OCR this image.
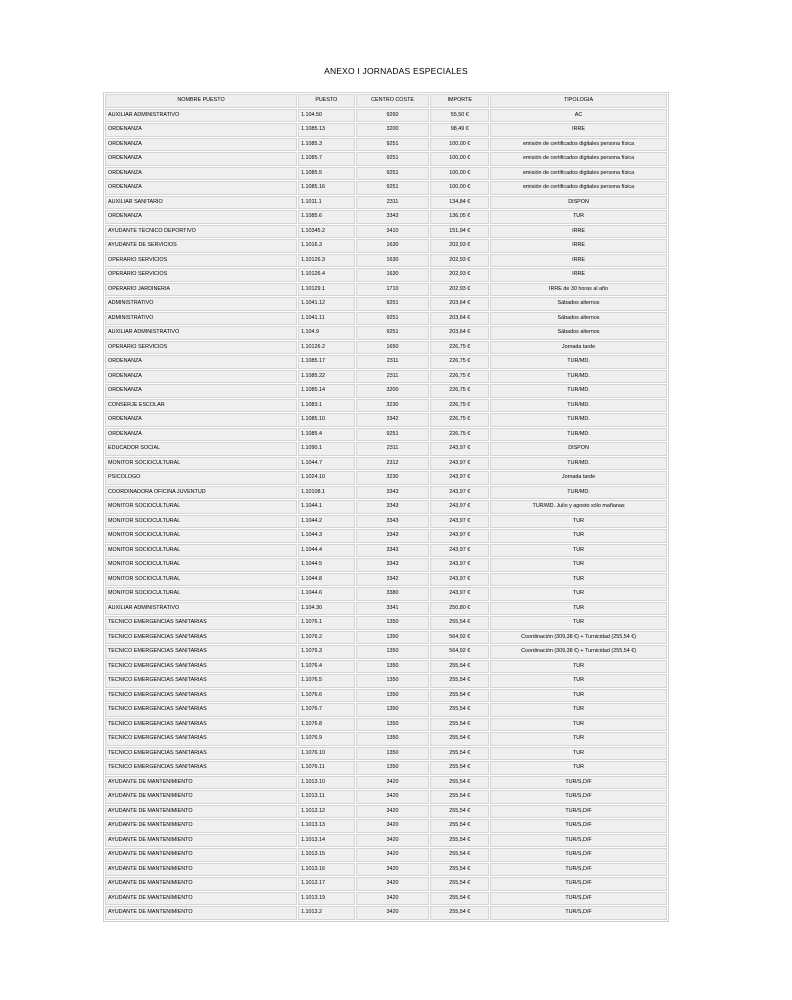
ANEXO I JORNADAS ESPECIALES
NOMBRE PUESTO	PUESTO	CENTRO COSTE	IMPORTE	TIPOLOGIA
AUXILIAR ADMINISTRATIVO	1.104.50	9260	55,50 €	AC
ORDENANZA	1.1085.13	3200	98,49 €	IRRE
ORDENANZA	1.1085.3	9251	100,00 €	emisión de certificados digitales persona física
ORDENANZA	1.1085.7	9251	100,00 €	emisión de certificados digitales persona física
ORDENANZA	1.1085.5	9251	100,00 €	emisión de certificados digitales persona física
ORDENANZA	1.1085.16	9251	100,00 €	emisión de certificados digitales persona física
AUXILIAR SANITARIO	1.1011.1	2311	134,84 €	DISPON
ORDENANZA	1.1085.6	3343	136,05 €	TUR
AYUDANTE TECNICO DEPORTIVO	1.10345.2	3410	151,94 €	IRRE
AYUDANTE DE SERVICIOS	1.1016.3	1630	202,93 €	IRRE
OPERARIO SERVICIOS	1.10126.3	1630	202,93 €	IRRE
OPERARIO SERVICIOS	1.10126.4	1630	202,93 €	IRRE
OPERARIO JARDINERIA	1.10129.1	1710	202,93 €	IRRE de 30 horas al año
ADMINISTRATIVO	1.1041.12	9251	203,64 €	Sábados alternos
ADMINISTRATIVO	1.1041.11	9251	203,64 €	Sábados alternos
AUXILIAR ADMINISTRATIVO	1.104.9	9251	203,64 €	Sábados alternos
OPERARIO SERVICIOS	1.10126.2	1650	226,75 €	Jornada tarde
ORDENANZA	1.1085.17	2311	226,75 €	TUR/MD.
ORDENANZA	1.1085.22	2311	226,75 €	TUR/MD.
ORDENANZA	1.1085.14	3200	226,75 €	TUR/MD.
CONSERJE ESCOLAR	1.1083.1	3230	226,75 €	TUR/MD.
ORDENANZA	1.1085.10	3342	226,75 €	TUR/MD.
ORDENANZA	1.1085.4	9251	226,75 €	TUR/MD.
EDUCADOR SOCIAL	1.1090.1	2311	243,97 €	DISPON
MONITOR SOCIOCULTURAL	1.1044.7	2312	243,97 €	TUR/MD.
PSICOLOGO	1.1024.10	3230	243,97 €	Jornada tarde
COORDINADORA OFICINA JUVENTUD	1.10108.1	3343	243,97 €	TUR/MD.
MONITOR SOCIOCULTURAL	1.1044.1	3343	243,97 €	TUR/MD. Julio y agosto sólo mañanas
MONITOR SOCIOCULTURAL	1.1044.2	3343	243,97 €	TUR
MONITOR SOCIOCULTURAL	1.1044.3	3343	243,97 €	TUR
MONITOR SOCIOCULTURAL	1.1044.4	3343	243,97 €	TUR
MONITOR SOCIOCULTURAL	1.1044.5	3343	243,97 €	TUR
MONITOR SOCIOCULTURAL	1.1044.8	3342	243,97 €	TUR
MONITOR SOCIOCULTURAL	1.1044.6	3380	243,97 €	TUR
AUXILIAR ADMINISTRATIVO	1.104.30	3341	250,80 €	TUR
TECNICO EMERGENCIAS SANITARIAS	1.1076.1	1350	255,54 €	TUR
TECNICO EMERGENCIAS SANITARIAS	1.1076.2	1350	564,92 €	Coordinación (309,38 €) + Turnicidad (255,54 €)
TECNICO EMERGENCIAS SANITARIAS	1.1076.3	1350	564,92 €	Coordinación (309,38 €) + Turnicidad (255,54 €)
TECNICO EMERGENCIAS SANITARIAS	1.1076.4	1350	255,54 €	TUR
TECNICO EMERGENCIAS SANITARIAS	1.1076.5	1350	255,54 €	TUR
TECNICO EMERGENCIAS SANITARIAS	1.1076.6	1350	255,54 €	TUR
TECNICO EMERGENCIAS SANITARIAS	1.1076.7	1350	255,54 €	TUR
TECNICO EMERGENCIAS SANITARIAS	1.1076.8	1350	255,54 €	TUR
TECNICO EMERGENCIAS SANITARIAS	1.1076.9	1350	255,54 €	TUR
TECNICO EMERGENCIAS SANITARIAS	1.1076.10	1350	255,54 €	TUR
TECNICO EMERGENCIAS SANITARIAS	1.1076.11	1350	255,54 €	TUR
AYUDANTE DE MANTENIMIENTO	1.1013.10	3420	255,54 €	TUR/S,D/F
AYUDANTE DE MANTENIMIENTO	1.1013.11	3420	255,54 €	TUR/S,D/F
AYUDANTE DE MANTENIMIENTO	1.1013.12	3420	255,54 €	TUR/S,D/F
AYUDANTE DE MANTENIMIENTO	1.1013.13	3420	255,54 €	TUR/S,D/F
AYUDANTE DE MANTENIMIENTO	1.1013.14	3420	255,54 €	TUR/S,D/F
AYUDANTE DE MANTENIMIENTO	1.1013.15	3420	255,54 €	TUR/S,D/F
AYUDANTE DE MANTENIMIENTO	1.1013.16	3420	255,54 €	TUR/S,D/F
AYUDANTE DE MANTENIMIENTO	1.1013.17	3420	255,54 €	TUR/S,D/F
AYUDANTE DE MANTENIMIENTO	1.1013.19	3420	255,54 €	TUR/S,D/F
AYUDANTE DE MANTENIMIENTO	1.1013.2	3420	255,54 €	TUR/S,D/F
